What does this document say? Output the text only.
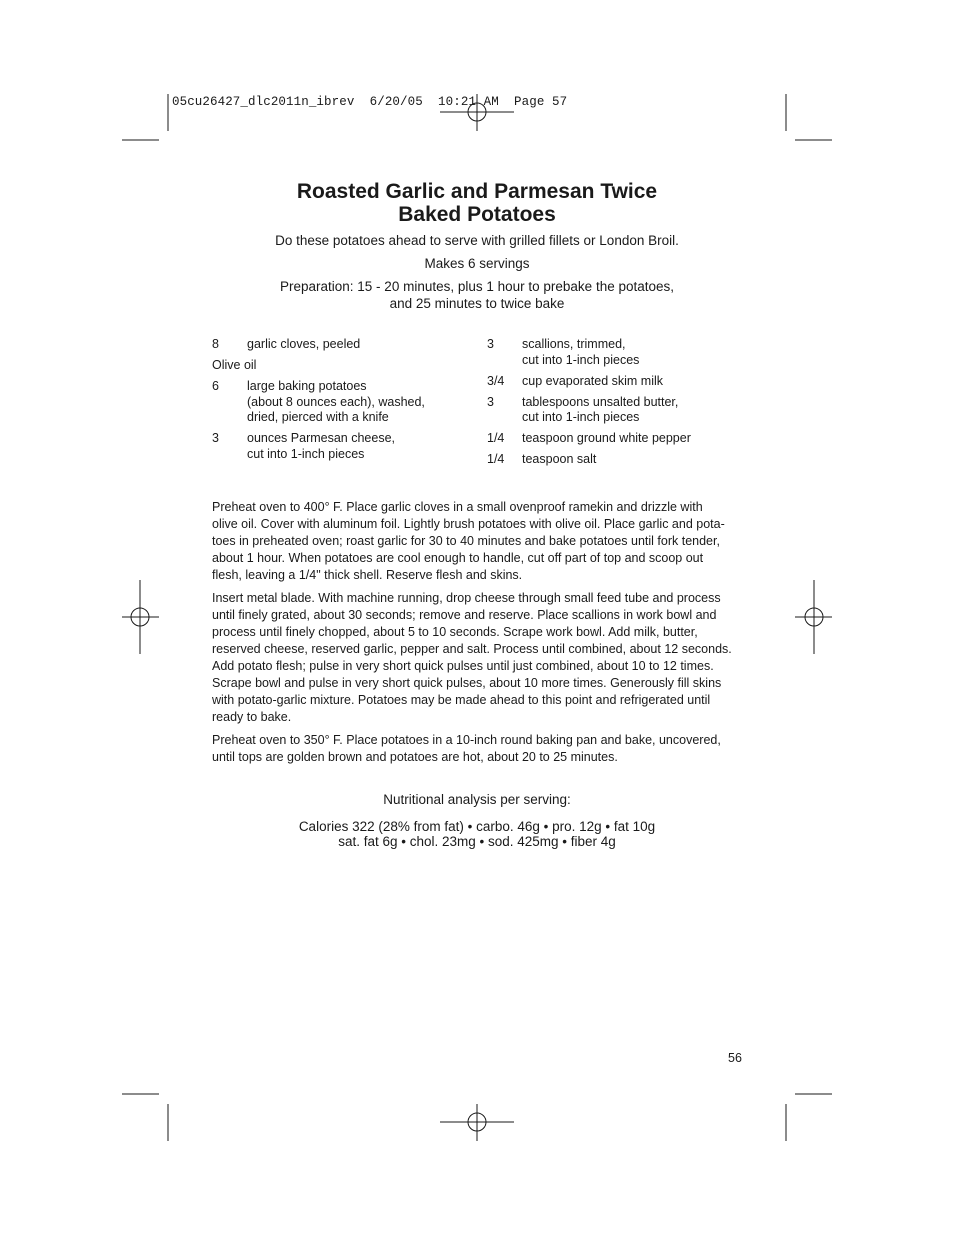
05cu26427_dlc2011n_ibrev  6/20/05  10:21 AM  Page 57
Roasted Garlic and Parmesan Twice
Baked Potatoes

Do these potatoes ahead to serve with grilled fillets or London Broil.

Makes 6 servings

Preparation: 15 - 20 minutes, plus 1 hour to prebake the potatoes,

and 25 minutes to twice bake

8	garlic cloves, peeled
Olive oil
6	large baking potatoes
(about 8 ounces each), washed,
dried, pierced with a knife
3	ounces Parmesan cheese,
cut into 1-inch pieces
3	scallions, trimmed,
cut into 1-inch pieces
3/4	cup evaporated skim milk
3	tablespoons unsalted butter,
cut into 1-inch pieces
1/4	teaspoon ground white pepper
1/4	teaspoon salt

Preheat oven to 400° F. Place garlic cloves in a small ovenproof ramekin and drizzle with
olive oil. Cover with aluminum foil. Lightly brush potatoes with olive oil. Place garlic and pota-
toes in preheated oven; roast garlic for 30 to 40 minutes and bake potatoes until fork tender,
about 1 hour. When potatoes are cool enough to handle, cut off part of top and scoop out
flesh, leaving a 1/4" thick shell. Reserve flesh and skins.

Insert metal blade. With machine running, drop cheese through small feed tube and process
until finely grated, about 30 seconds; remove and reserve. Place scallions in work bowl and
process until finely chopped, about 5 to 10 seconds. Scrape work bowl. Add milk, butter,
reserved cheese, reserved garlic, pepper and salt. Process until combined, about 12 seconds.
Add potato flesh; pulse in very short quick pulses until just combined, about 10 to 12 times.
Scrape bowl and pulse in very short quick pulses, about 10 more times. Generously fill skins
with potato-garlic mixture. Potatoes may be made ahead to this point and refrigerated until
ready to bake.

Preheat oven to 350° F. Place potatoes in a 10-inch round baking pan and bake, uncovered,
until tops are golden brown and potatoes are hot, about 20 to 25 minutes.

Nutritional analysis per serving:

Calories 322 (28% from fat) • carbo. 46g • pro. 12g • fat 10g

sat. fat 6g • chol. 23mg • sod. 425mg • fiber 4g

56
